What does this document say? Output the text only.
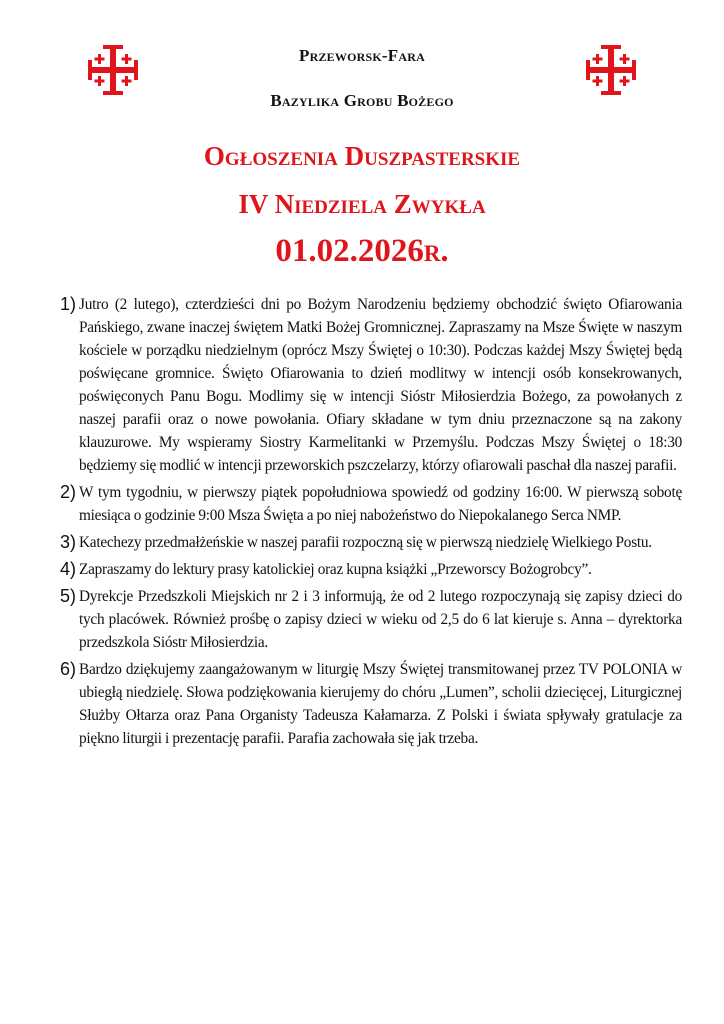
Przeworsk-Fara
Bazylika Grobu Bożego
Ogłoszenia Duszpasterskie
IV Niedziela Zwykła
01.02.2026r.
1) Jutro (2 lutego), czterdzieści dni po Bożym Narodzeniu będziemy obchodzić święto Ofiarowania Pańskiego, zwane inaczej świętem Matki Bożej Gromnicznej. Zapraszamy na Msze Święte w naszym kościele w porządku niedzielnym (oprócz Mszy Świętej o 10:30). Podczas każdej Mszy Świętej będą poświęcane gromnice. Święto Ofiarowania to dzień modlitwy w intencji osób konsekrowanych, poświęconych Panu Bogu. Modlimy się w intencji Sióstr Miłosierdzia Bożego, za powołanych z naszej parafii oraz o nowe powołania. Ofiary składane w tym dniu przeznaczone są na zakony klauzurowe. My wspieramy Siostry Karmelitanki w Przemyślu. Podczas Mszy Świętej o 18:30 będziemy się modlić w intencji przeworskich pszczelarzy, którzy ofiarowali paschał dla naszej parafii.
2) W tym tygodniu, w pierwszy piątek popołudniowa spowiedź od godziny 16:00. W pierwszą sobotę miesiąca o godzinie 9:00 Msza Święta a po niej nabożeństwo do Niepokalanego Serca NMP.
3) Katechezy przedmałżeńskie w naszej parafii rozpoczną się w pierwszą niedzielę Wielkiego Postu.
4) Zapraszamy do lektury prasy katolickiej oraz kupna książki „Przeworscy Bożogrobcy”.
5) Dyrekcje Przedszkoli Miejskich nr 2 i 3 informują, że od 2 lutego rozpoczynają się zapisy dzieci do tych placówek. Również prośbę o zapisy dzieci w wieku od 2,5 do 6 lat kieruje s. Anna – dyrektorka przedszkola Sióstr Miłosierdzia.
6) Bardzo dziękujemy zaangażowanym w liturgię Mszy Świętej transmitowanej przez TV POLONIA w ubiegłą niedzielę. Słowa podziękowania kierujemy do chóru „Lumen”, scholii dziecięcej, Liturgicznej Służby Ołtarza oraz Pana Organisty Tadeusza Kałamarza. Z Polski i świata spływały gratulacje za piękno liturgii i prezentację parafii. Parafia zachowała się jak trzeba.
